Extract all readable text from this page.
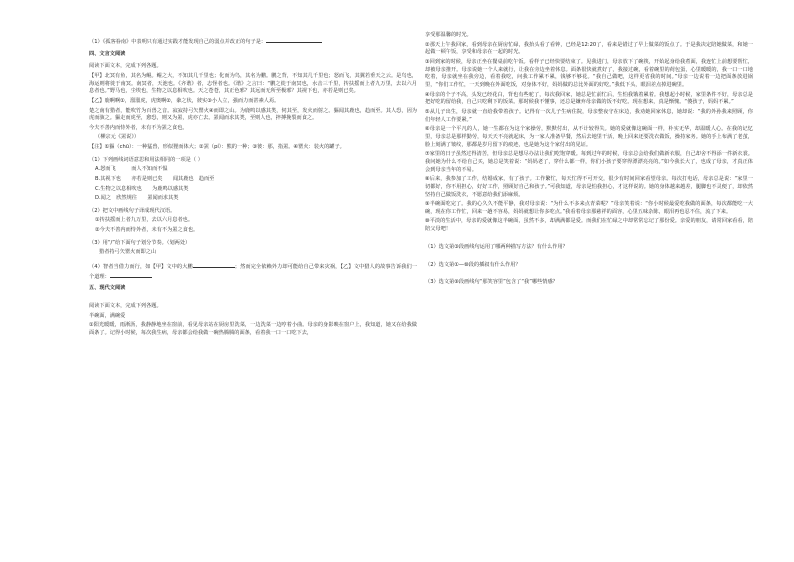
（1）《孤客眷南》中表明只有通过实践才能发现自己的弱点并改正的句子是：

四、文言文阅读

阅读下面文本，完成下列各题。

【甲】北冥有鱼，其名为鲲。鲲之大，不知其几千里也；化而为鸟，其名为鹏。鹏之背，不知其几千里也；怒而飞，其翼若垂天之云。是鸟也，海运则将徙于南冥。南冥者，天池也。《齐谐》者，志怪者也。《谐》之言曰：“鹏之徙于南冥也，水击三千里，抟扶摇而上者九万里，去以六月息者也。”野马也，尘埃也，生物之以息相吹也。天之苍苍，其正色邪？其远而无所至极邪？其视下也，亦若是则已矣。

【乙】鹿啊啊①，溜溜虎，虎奥啊②，豢之状，彼实③小人立，强而力而甚素人焉。

楚之南有猎者，能吹竹为百兽之音。寂寂持弓矢罂火④而即之山。为鹿鸣以感其类，伺其至，发火而射之。貙闻其鹿也，趋而至。其人恐，因为虎而骇之。貙走而虎至，愈恐，则又为罴，虎亦亡去。罴闻而求其类，至则人也，捽搏挽裂而食之。

今夫不善内而恃外者，未有不为罴之食也。

（柳宗元《罴说》）

【注】①貙（chū）：一种猛兽，形似狸而体大；②罴（pí）：熊的一种；③彼：那，指罴。④罂火：装火的罐子。

（1）下列画线词语意思和用法相同的一项是（ ）

A.怒而飞　　　而人不知而不愠

B.其视下也　　亦若是则已矣　　闻其鹿也　趋而至

C.生物之以息相吹也　　为鹿鸣以感其类

D.闻之　欣然规往　　罴闻而求其类

（2）把文中画线句子译成现代汉语。

①抟扶摇而上者九万里，去以六月息者也。

②今夫不善内而恃外者，未有不为罴之食也。

（3）用“/”给下面句子划分节奏。（划两处）

猎者持弓矢罂火而即之山

（4）智者当借力而行，如【甲】文中的大鹏	；然而完全依赖外力却可能给自己带来灾祸，【乙】文中猎人的故事告诉我们一个道理：

五、现代文阅读

阅读下面文本，完成下列各题。

半碗面，满碗爱

①阳光暖暖，雨淅沥，我静静地坐在窗前，看见母亲站在厨房里洗菜，一边洗菜一边哼着小曲。母亲的身影映在窗户上，我知道，她又在给我做面条了。记得小时候，每次我生病，母亲都会给我做一碗热腾腾的面条，看着我一口一口吃下去，

享受那温馨的时光。

②那天上午我回家，看到母亲在厨房忙碌，我抬头看了看钟，已经是12:20了，看来是错过了早上做菜的饭点了。于是我决定陪她做菜，和她一起做一顿午饭，享受和母亲在一起的时光。

③回到家的时候，母亲正坐在餐桌前吃午饭。看样子已经快要结束了。见我进门，母亲放下了碗筷，开始起身给我煮面，我连忙上前想要帮忙，却被母亲推开。母亲说她一个人来就行，让我在旁边坐着休息。面条很快就煮好了，我接过碗，看着碗里的荷包蛋，心里暖暖的，我一口一口地吃着，母亲就坐在我旁边，看着我吃，问我工作累不累，钱够不够花。“我自己做吧，这样更省我的时间。”母亲一边说着一边把面条放进锅里，“你们工作忙，一天到晚在外面吃饭，对身体不好，妈妈做的总比外面的好吃。”我低下头，眼泪差点掉进碗里。

④母亲的个子不高，头发已经花白，背也有些驼了，每次我回家，她总是忙前忙后，生怕我饿着累着。我想起小时候，家里条件不好，母亲总是把好吃的留给我，自己只吃剩下的饭菜。那时候我不懂事，还总是嫌弃母亲做的饭不好吃。现在想来，真是惭愧。“傻孩子，妈妈不累。”

⑤从儿子出生，母亲就一直给我带着孩子。记得有一次儿子生病住院，母亲整夜守在床边，我劝她回家休息，她却说：“我的外孙我来照顾，你们年轻人工作要紧。”

⑥母亲是一个平凡的人，她一生都在为这个家操劳，默默付出，从不计较得失。她的爱就像这碗面一样，朴实无华，却温暖人心。在我的记忆里，母亲总是那样勤劳，每天天不亮就起床，为一家人准备早餐，然后去地里干活，晚上回来还要洗衣做饭，操持家务。她的手上布满了老茧，脸上刻满了皱纹，那都是岁月留下的痕迹，也是她为这个家付出的见证。

⑦家里的日子虽然过得清苦，但母亲总是想尽办法让我们吃饱穿暖。每到过年的时候，母亲总会给我们做新衣服，自己却舍不得添一件新衣裳。我问她为什么不给自己买，她总是笑着说：“妈妈老了，穿什么都一样，你们小孩子要穿得漂漂亮亮的。”如今我长大了，也成了母亲，才真正体会到母亲当年的不易。

⑧后来，我参加了工作，结婚成家，有了孩子。工作繁忙，每天忙得不可开交，很少有时间回家看望母亲。每次打电话，母亲总是说：“家里一切都好，你不用担心，好好工作，照顾好自己和孩子。”可我知道，母亲是怕我担心，才这样说的。她的身体越来越差，腿脚也不灵便了，却依然坚持自己做饭洗衣，不愿意给我们添麻烦。

⑨半碗面吃完了。我的心久久不能平静，我对母亲说：“为什么不多来点青菜呢？”母亲笑着说：“你小时候最爱吃我做的面条，每次都能吃一大碗，现在你工作忙，回来一趟不容易，妈妈就想让你多吃点。”我看着母亲那慈祥的面容，心里五味杂陈，眼泪再也忍不住，流了下来。

⑩平淡的生活中，母亲的爱就像这半碗面，虽然不多，却满满都是爱。而我们在忙碌之中却常常忘记了那份爱。亲爱的朋友，请常回家看看，陪陪父母吧！

（1）选文第③段画线句运用了哪两种描写方法？有什么作用？

（2）选文第①—⑩段的插叙有什么作用？

（3）选文第⑨段画线句“那笑容里”包含了“我”哪些情感？
